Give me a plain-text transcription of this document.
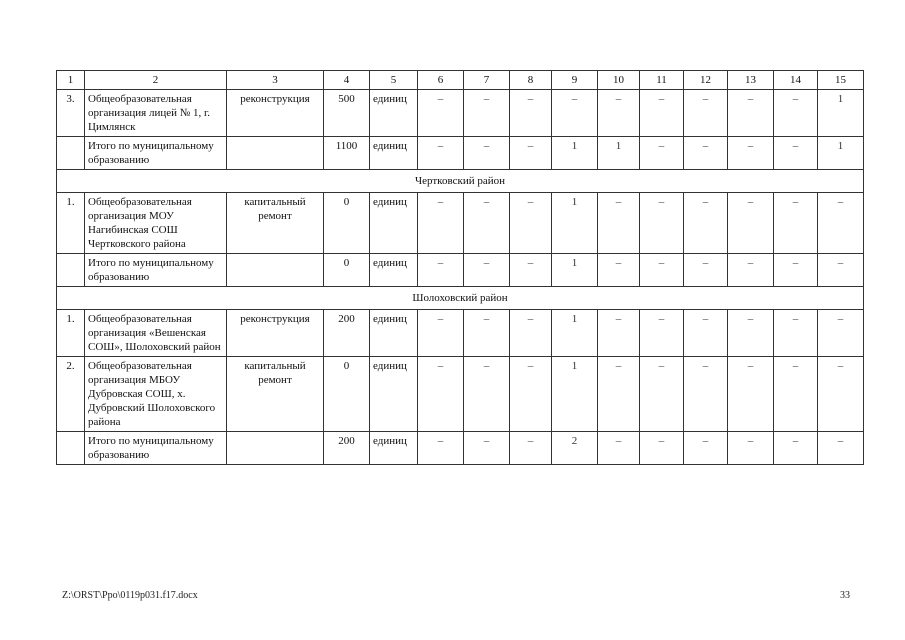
1	2	3	4	5	6	7	8	9	10	11	12	13	14	15
3.	Общеобразовательная организация лицей № 1, г. Цимлянск	реконструкция	500	единиц	–	–	–	–	–	–	–	–	–	1
	Итого по муниципальному образованию		1100	единиц	–	–	–	1	1	–	–	–	–	1
Чертковский район														
1.	Общеобразовательная организация МОУ Нагибинская СОШ Чертковского района	капитальный ремонт	0	единиц	–	–	–	1	–	–	–	–	–	–
	Итого по муниципальному образованию		0	единиц	–	–	–	1	–	–	–	–	–	–
Шолоховский район														
1.	Общеобразовательная организация «Вешенская СОШ», Шолоховский район	реконструкция	200	единиц	–	–	–	1	–	–	–	–	–	–
2.	Общеобразовательная организация МБОУ Дубровская СОШ, х. Дубровский Шолоховского района	капитальный ремонт	0	единиц	–	–	–	1	–	–	–	–	–	–
	Итого по муниципальному образованию		200	единиц	–	–	–	2	–	–	–	–	–	–
Z:\ORST\Ppo\0119p031.f17.docx	33
